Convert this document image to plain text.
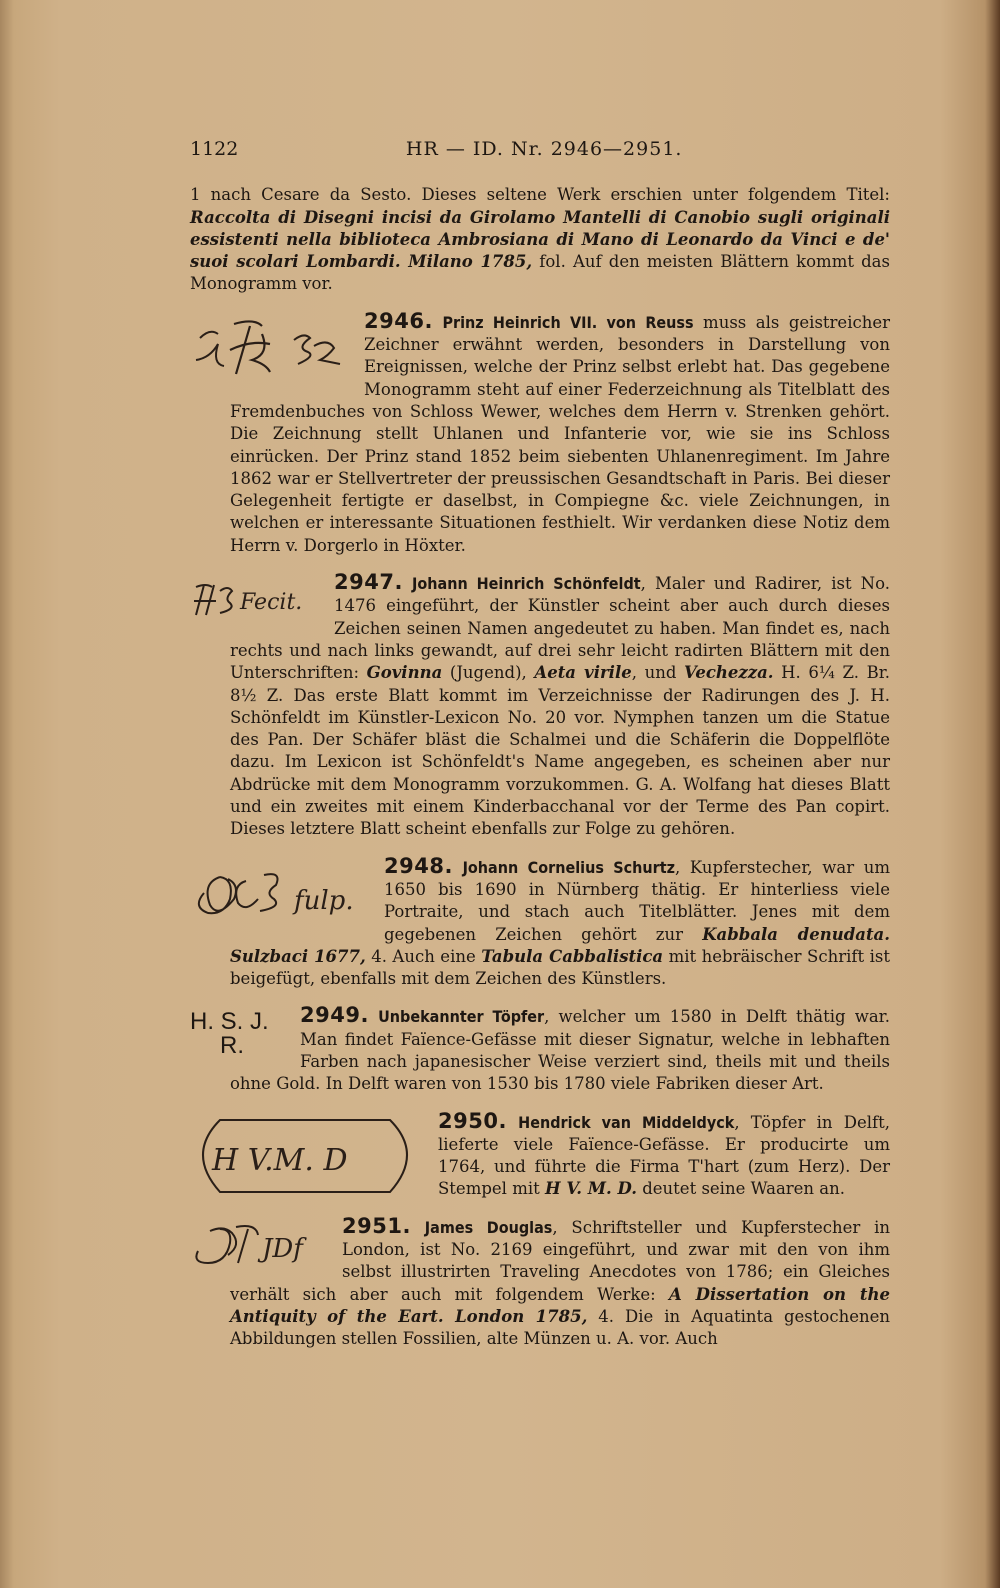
1122	HR — ID. Nr. 2946—2951.

1 nach Cesare da Sesto. Dieses seltene Werk erschien unter folgendem Titel: Raccolta di Disegni incisi da Girolamo Mantelli di Canobio sugli originali essistenti nella biblioteca Ambrosiana di Mano di Leonardo da Vinci e de' suoi scolari Lombardi. Milano 1785, fol. Auf den meisten Blättern kommt das Monogramm vor.

2946. Prinz Heinrich VII. von Reuss
muss als geistreicher Zeichner erwähnt werden, besonders in Darstellung von Ereignissen, welche der Prinz selbst erlebt hat. Das gegebene Monogramm steht auf einer Federzeichnung als Titelblatt des Fremdenbuches von Schloss Wewer, welches dem Herrn v. Strenken gehört. Die Zeichnung stellt Uhlanen und Infanterie vor, wie sie ins Schloss einrücken. Der Prinz stand 1852 beim siebenten Uhlanenregiment. Im Jahre 1862 war er Stellvertreter der preussischen Gesandtschaft in Paris. Bei dieser Gelegenheit fertigte er daselbst, in Compiegne &c. viele Zeichnungen, in welchen er interessante Situationen festhielt. Wir verdanken diese Notiz dem Herrn v. Dorgerlo in Höxter.

2947. Johann Heinrich Schönfeldt
Fecit.
, Maler und Radirer, ist No. 1476 eingeführt, der Künstler scheint aber auch durch dieses Zeichen seinen Namen angedeutet zu haben. Man findet es, nach rechts und nach links gewandt, auf drei sehr leicht radirten Blättern mit den Unterschriften: Govinna (Jugend), Aeta virile, und Vechezza. H. 6¼ Z. Br. 8½ Z. Das erste Blatt kommt im Verzeichnisse der Radirungen des J. H. Schönfeldt im Künstler-Lexicon No. 20 vor. Nymphen tanzen um die Statue des Pan. Der Schäfer bläst die Schalmei und die Schäferin die Doppelflöte dazu. Im Lexicon ist Schönfeldt's Name angegeben, es scheinen aber nur Abdrücke mit dem Monogramm vorzukommen. G. A. Wolfang hat dieses Blatt und ein zweites mit einem Kinderbacchanal vor der Terme des Pan copirt. Dieses letztere Blatt scheint ebenfalls zur Folge zu gehören.

2948. Johann Cornelius Schurtz
fulp.
, Kupferstecher, war um 1650 bis 1690 in Nürnberg thätig. Er hinterliess viele Portraite, und stach auch Titelblätter. Jenes mit dem gegebenen Zeichen gehört zur Kabbala denudata. Sulzbaci 1677, 4. Auch eine Tabula Cabbalistica mit hebräischer Schrift ist beigefügt, ebenfalls mit dem Zeichen des Künstlers.

2949. Unbekannter Töpfer
H. S. J.
R.
, welcher um 1580 in Delft thätig war. Man findet Faïence-Gefässe mit dieser Signatur, welche in lebhaften Farben nach japanesischer Weise verziert sind, theils mit und theils ohne Gold. In Delft waren von 1530 bis 1780 viele Fabriken dieser Art.

2950. Hendrick van Middeldyck
H V.M. D
, Töpfer in Delft, lieferte viele Faïence-Gefässe. Er producirte um 1764, und führte die Firma T'hart (zum Herz). Der Stempel mit H V. M. D. deutet seine Waaren an.

2951. James Douglas
JDf
, Schriftsteller und Kupferstecher in London, ist No. 2169 eingeführt, und zwar mit den von ihm selbst illustrirten Traveling Anecdotes von 1786; ein Gleiches verhält sich aber auch mit folgendem Werke: A Dissertation on the Antiquity of the Eart. London 1785, 4. Die in Aquatinta gestochenen Abbildungen stellen Fossilien, alte Münzen u. A. vor. Auch
